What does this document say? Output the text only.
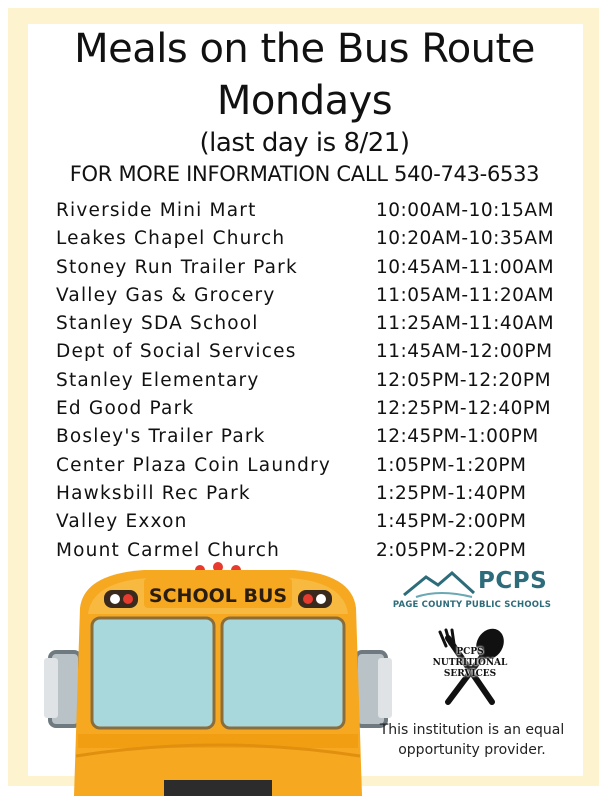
Meals on the Bus Route
Mondays
(last day is 8/21)
FOR MORE INFORMATION CALL 540-743-6533
Riverside Mini Mart	10:00AM-10:15AM
Leakes Chapel Church	10:20AM-10:35AM
Stoney Run Trailer Park	10:45AM-11:00AM
Valley Gas & Grocery	11:05AM-11:20AM
Stanley SDA School	11:25AM-11:40AM
Dept of Social Services	11:45AM-12:00PM
Stanley Elementary	12:05PM-12:20PM
Ed Good Park	12:25PM-12:40PM
Bosley's Trailer Park	12:45PM-1:00PM
Center Plaza Coin Laundry 1:05PM-1:20PM
Hawksbill Rec Park	1:25PM-1:40PM
Valley Exxon	1:45PM-2:00PM
Mount Carmel Church	2:05PM-2:20PM
SCHOOL BUS
PCPS
PAGE COUNTY PUBLIC SCHOOLS
PCPS
NUTRITIONAL
SERVICES
This institution is an equal
opportunity provider.
